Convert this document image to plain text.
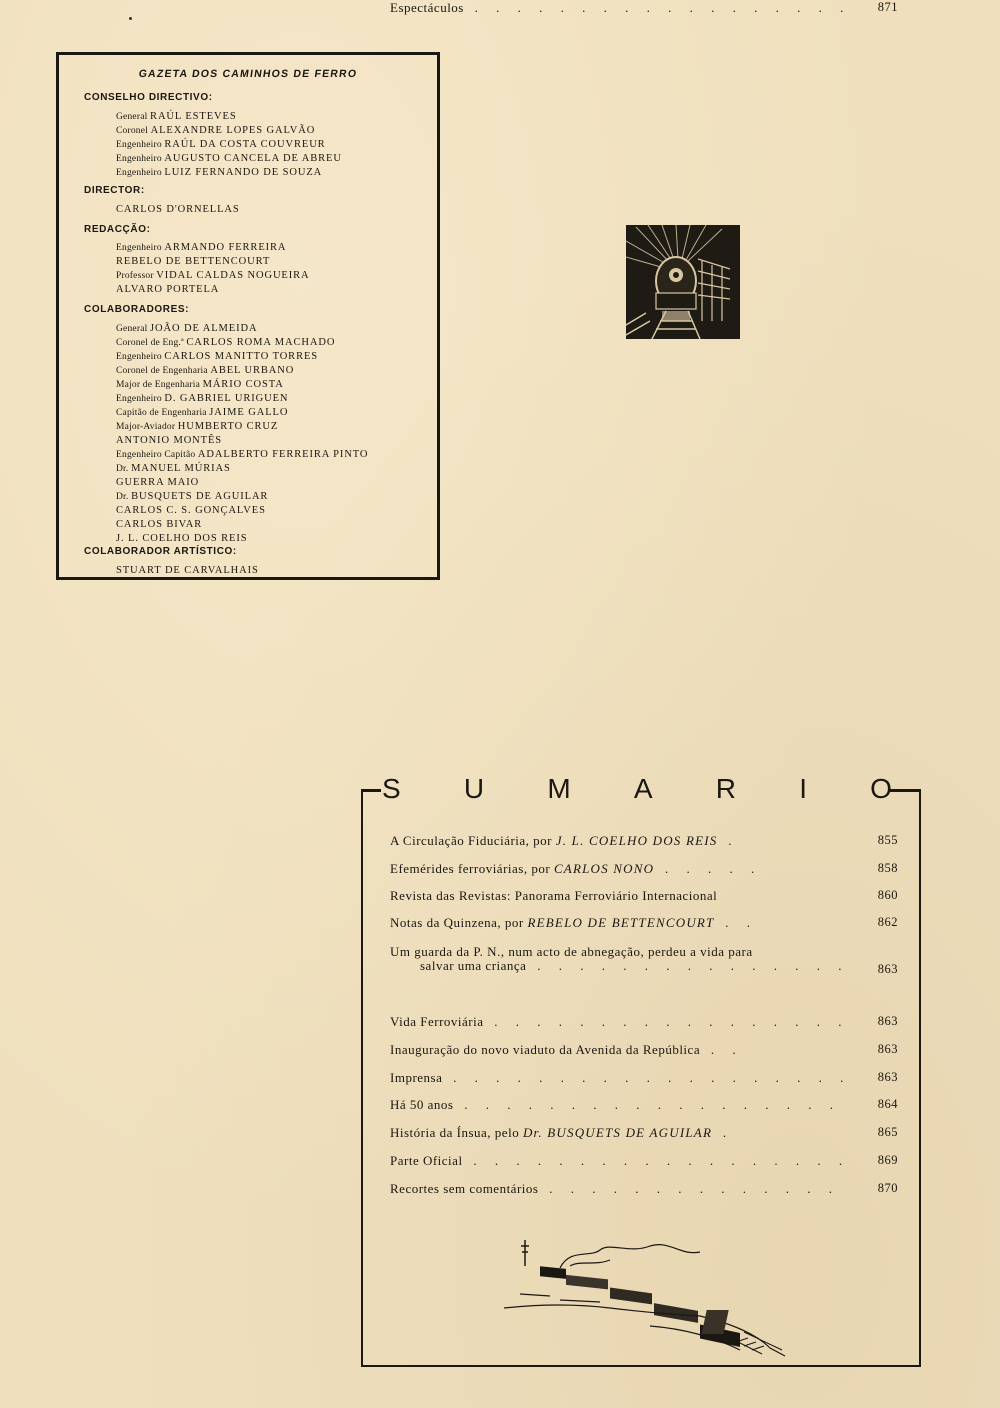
GAZETA DOS CAMINHOS DE FERRO
CONSELHO DIRECTIVO:
General RAÚL ESTEVES
Coronel ALEXANDRE LOPES GALVÃO
Engenheiro RAÚL DA COSTA COUVREUR
Engenheiro AUGUSTO CANCELA DE ABREU
Engenheiro LUIZ FERNANDO DE SOUZA
DIRECTOR:
CARLOS D'ORNELLAS
REDACÇÃO:
Engenheiro ARMANDO FERREIRA
REBELO DE BETTENCOURT
Professor VIDAL CALDAS NOGUEIRA
ALVARO PORTELA
COLABORADORES:
General JOÃO DE ALMEIDA
Coronel de Eng.ª CARLOS ROMA MACHADO
Engenheiro CARLOS MANITTO TORRES
Coronel de Engenharia ABEL URBANO
Major de Engenharia MÁRIO COSTA
Engenheiro D. GABRIEL URIGUEN
Capitão de Engenharia JAIME GALLO
Major-Aviador HUMBERTO CRUZ
ANTONIO MONTÊS
Engenheiro Capitão ADALBERTO FERREIRA PINTO
Dr. MANUEL MÚRIAS
GUERRA MAIO
Dr. BUSQUETS DE AGUILAR
CARLOS C. S. GONÇALVES
CARLOS BIVAR
J. L. COELHO DOS REIS
COLABORADOR ARTÍSTICO:
STUART DE CARVALHAIS
S U M A R I O
A Circulação Fiduciária, por J. L. COELHO DOS REIS .	855
Efemérides ferroviárias, por CARLOS NONO . . . . .	858
Revista das Revistas: Panorama Ferroviário Internacional	860
Notas da Quinzena, por REBELO DE BETTENCOURT . .	862
Um guarda da P. N., num acto de abnegação, perdeu a vida para
salvar uma criança . . . . . . . . . . . . . . . 863
Vida Ferroviária . . . . . . . . . . . . . . . . . 863
Inauguração do novo viaduto da Avenida da República . .	863
Imprensa . . . . . . . . . . . . . . . . . . . 863
Há 50 anos . . . . . . . . . . . . . . . . . .	864
História da Ínsua, pelo Dr. BUSQUETS DE AGUILAR .	865
Parte Oficial . . . . . . . . . . . . . . . . . . 869
Recortes sem comentários . . . . . . . . . . . . . .	870
Espectáculos . . . . . . . . . . . . . . . . . . 871
